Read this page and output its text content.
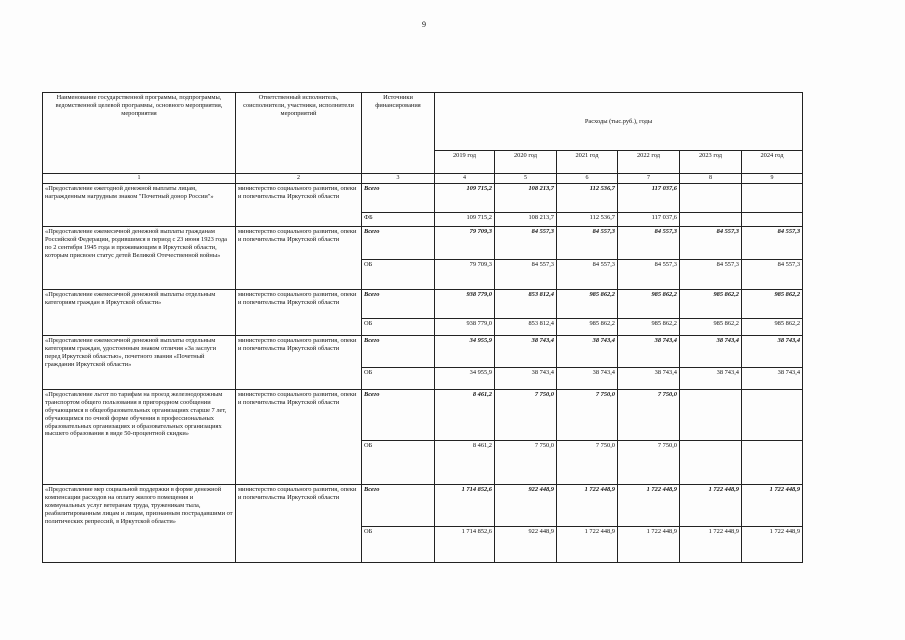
9
Наименование государственной программы, подпрограммы, ведомственной целевой программы, основного мероприятия, мероприятия	Ответственный исполнитель, соисполнители, участники, исполнители мероприятий	Источники финансирования	Расходы (тыс.руб.), годы					
			2019 год	2020 год	2021 год	2022 год	2023 год	2024 год
1	2	3	4	5	6	7	8	9
«Предоставление ежегодной денежной выплаты лицам, награжденным нагрудным знаком "Почетный донор России"»	министерство социального развития, опеки и попечительства Иркутской области	Всего	109 715,2	108 213,7	112 536,7	117 037,6		
		ФБ	109 715,2	108 213,7	112 536,7	117 037,6		
«Предоставление ежемесячной денежной выплаты гражданам Российской Федерации, родившимся в период с 23 июня 1923 года по 2 сентября 1945 года и проживающим в Иркутской области, которым присвоен статус детей Великой Отечественной войны»	министерство социального развития, опеки и попечительства Иркутской области	Всего	79 709,3	84 557,3	84 557,3	84 557,3	84 557,3	84 557,3
		ОБ	79 709,3	84 557,3	84 557,3	84 557,3	84 557,3	84 557,3
«Предоставление ежемесячной денежной выплаты отдельным категориям граждан в Иркутской области»	министерство социального развития, опеки и попечительства Иркутской области	Всего	938 779,0	853 812,4	985 862,2	985 862,2	985 862,2	985 862,2
		ОБ	938 779,0	853 812,4	985 862,2	985 862,2	985 862,2	985 862,2
«Предоставление ежемесячной денежной выплаты отдельным категориям граждан, удостоенным знаком отличия «За заслуги перед Иркутской областью», почетного звания «Почетный гражданин Иркутской области»	министерство социального развития, опеки и попечительства Иркутской области	Всего	34 955,9	38 743,4	38 743,4	38 743,4	38 743,4	38 743,4
		ОБ	34 955,9	38 743,4	38 743,4	38 743,4	38 743,4	38 743,4
«Предоставление льгот по тарифам на проезд железнодорожным транспортом общего пользования в пригородном сообщении обучающимся в общеобразовательных организациях старше 7 лет, обучающимся по очной форме обучения в профессиональных образовательных организациях и образовательных организациях высшего образования в виде 50-процентной скидки»	министерство социального развития, опеки и попечительства Иркутской области	Всего	8 461,2	7 750,0	7 750,0	7 750,0		
		ОБ	8 461,2	7 750,0	7 750,0	7 750,0		
«Предоставление мер социальной поддержки в форме денежной компенсации расходов на оплату жилого помещения и коммунальных услуг ветеранам труда, труженикам тыла, реабилитированным лицам и лицам, признанным пострадавшими от политических репрессий, в Иркутской области»	министерство социального развития, опеки и попечительства Иркутской области	Всего	1 714 852,6	922 448,9	1 722 448,9	1 722 448,9	1 722 448,9	1 722 448,9
		ОБ	1 714 852,6	922 448,9	1 722 448,9	1 722 448,9	1 722 448,9	1 722 448,9
